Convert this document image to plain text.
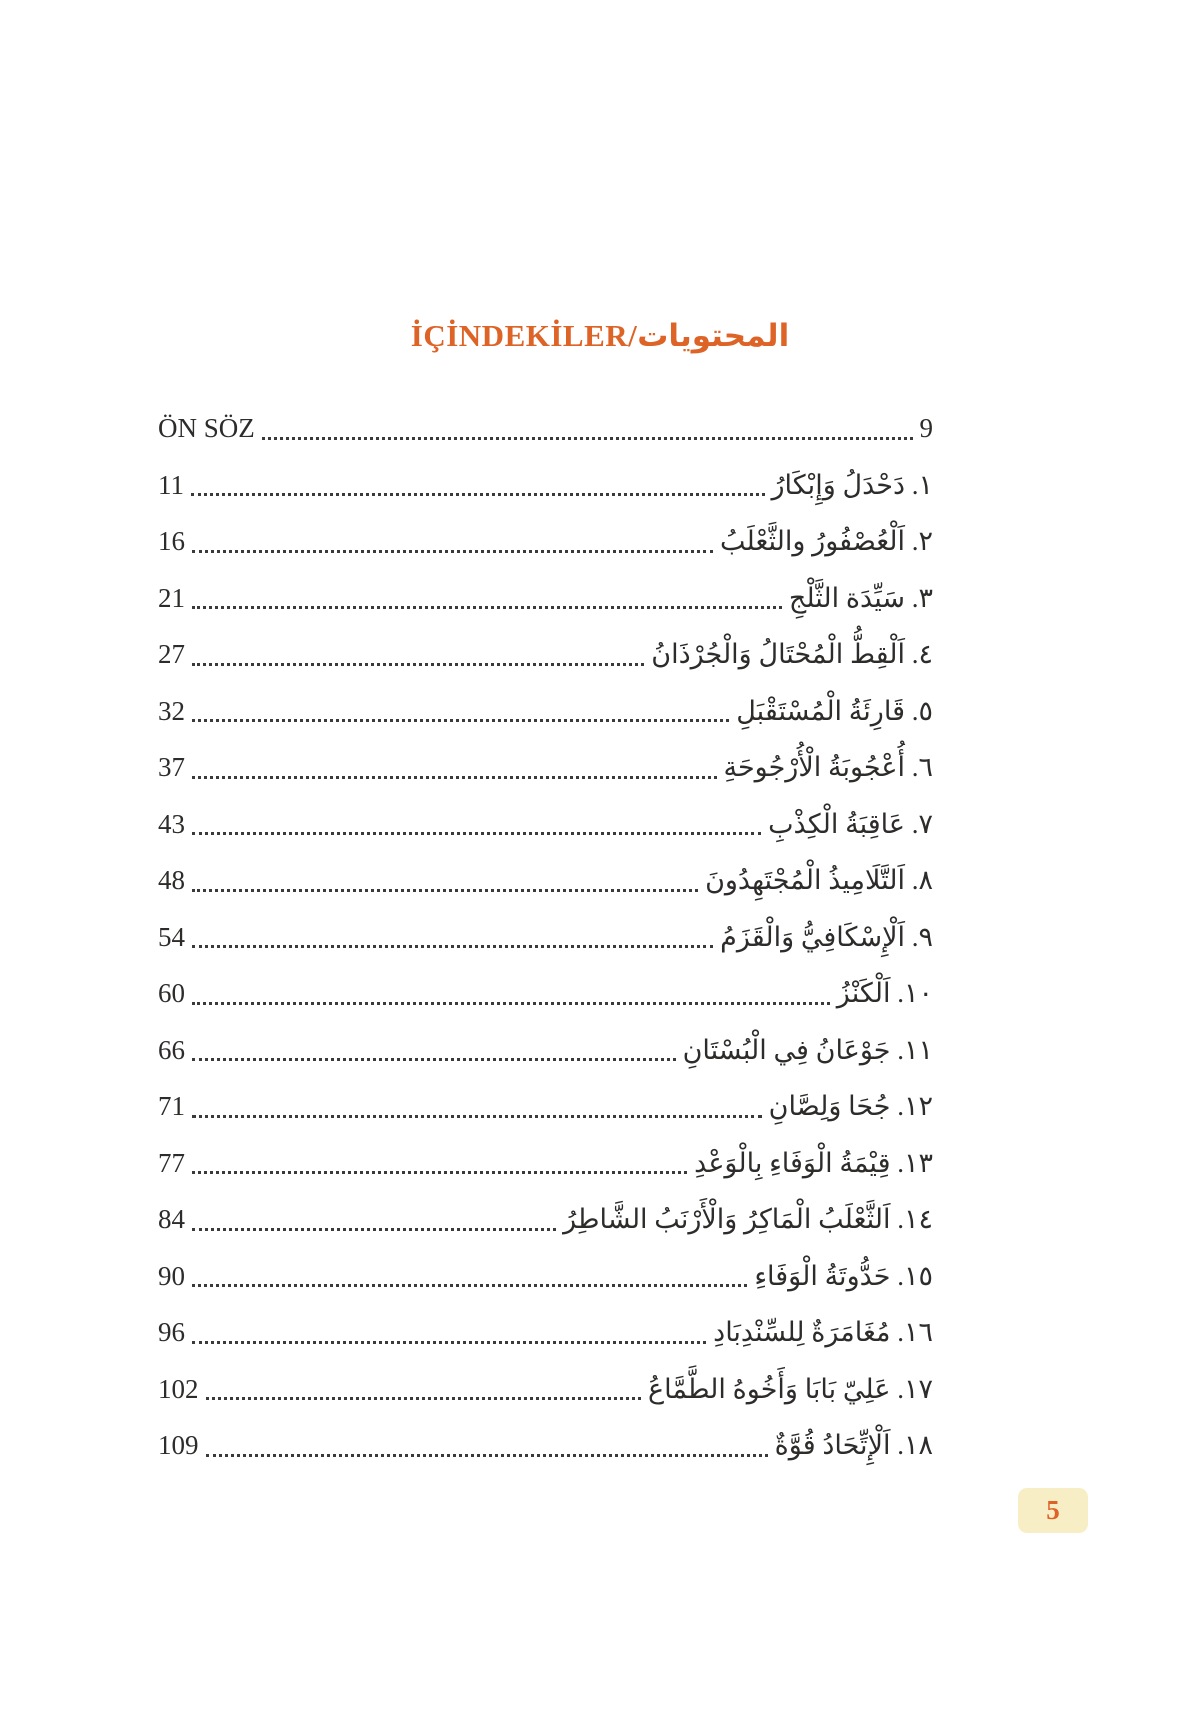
İÇİNDEKİLER/المحتويات
ÖN SÖZ	9
١. دَحْدَلُ وَإِبْكَارُ
11
٢. اَلْعُصْفُورُ والثَّعْلَبُ
16
٣. سَيِّدَة الثَّلْجِ
21
٤. اَلْقِطُّ الْمُحْتَالُ وَالْجُرْذَانُ
27
٥. قَارِئَةُ الْمُسْتَقْبَلِ
32
٦. أُعْجُوبَةُ الْأُرْجُوحَةِ
37
٧. عَاقِبَةُ الْكِذْبِ
43
٨. اَلتَّلَامِيذُ الْمُجْتَهِدُونَ
48
٩. اَلْإِسْكَافِيُّ وَالْقَزَمُ
54
١٠. اَلْكَنْزُ
60
١١. جَوْعَانُ فِي الْبُسْتَانِ
66
١٢. جُحَا وَلِصَّانِ
71
١٣. قِيْمَةُ الْوَفَاءِ بِالْوَعْدِ
77
١٤. اَلثَّعْلَبُ الْمَاكِرُ وَالْأَرْنَبُ الشَّاطِرُ
84
١٥. حَدُّوتَةُ الْوَفَاءِ
90
١٦. مُغَامَرَةٌ لِلسِّنْدِبَادِ
96
١٧. عَلِيّ بَابَا وَأَخُوهُ الطَّمَّاعُ
102
١٨. اَلْإِتِّحَادُ قُوَّةٌ
109
5
